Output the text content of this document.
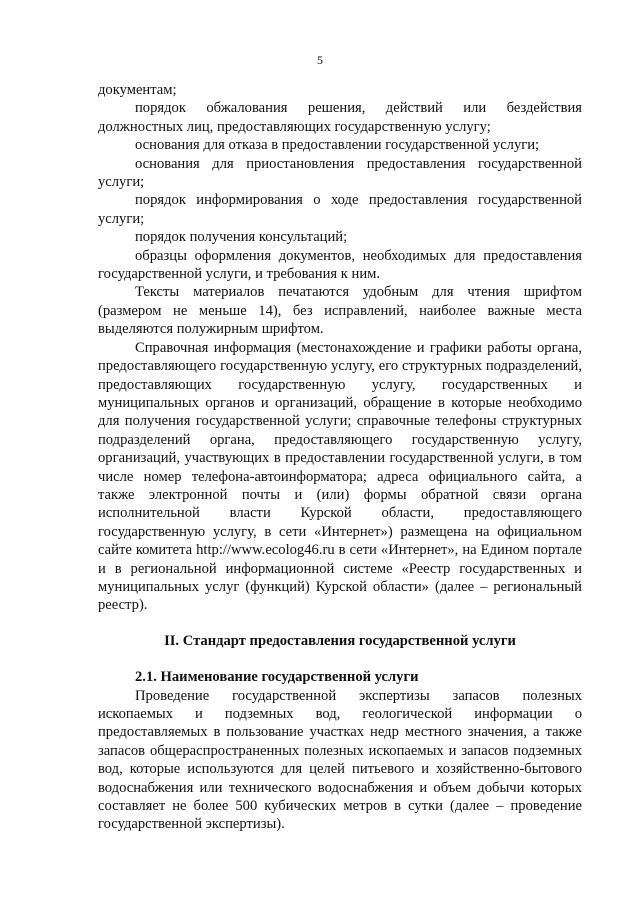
5

документам;

порядок обжалования решения, действий или бездействия должностных лиц, предоставляющих государственную услугу;

основания для отказа в предоставлении государственной услуги;

основания для приостановления предоставления государственной услуги;

порядок информирования о ходе предоставления государственной услуги;

порядок получения консультаций;

образцы оформления документов, необходимых для предоставления государственной услуги, и требования к ним.

Тексты материалов печатаются удобным для чтения шрифтом (размером не меньше 14), без исправлений, наиболее важные места выделяются полужирным шрифтом.

Справочная информация (местонахождение и графики работы органа, предоставляющего государственную услугу, его структурных подразделений, предоставляющих государственную услугу, государственных и муниципальных органов и организаций, обращение в которые необходимо для получения государственной услуги; справочные телефоны структурных подразделений органа, предоставляющего государственную услугу, организаций, участвующих в предоставлении государственной услуги, в том числе номер телефона-автоинформатора; адреса официального сайта, а также электронной почты и (или) формы обратной связи органа исполнительной власти Курской области, предоставляющего государственную услугу, в сети «Интернет») размещена на официальном сайте комитета http://www.ecolog46.ru в сети «Интернет», на Едином портале и в региональной информационной системе «Реестр государственных и муниципальных услуг (функций) Курской области» (далее – региональный реестр).

II. Стандарт предоставления государственной услуги

2.1. Наименование государственной услуги

Проведение государственной экспертизы запасов полезных ископаемых и подземных вод, геологической информации о предоставляемых в пользование участках недр местного значения, а также запасов общераспространенных полезных ископаемых и запасов подземных вод, которые используются для целей питьевого и хозяйственно-бытового водоснабжения или технического водоснабжения и объем добычи которых составляет не более 500 кубических метров в сутки (далее – проведение государственной экспертизы).
